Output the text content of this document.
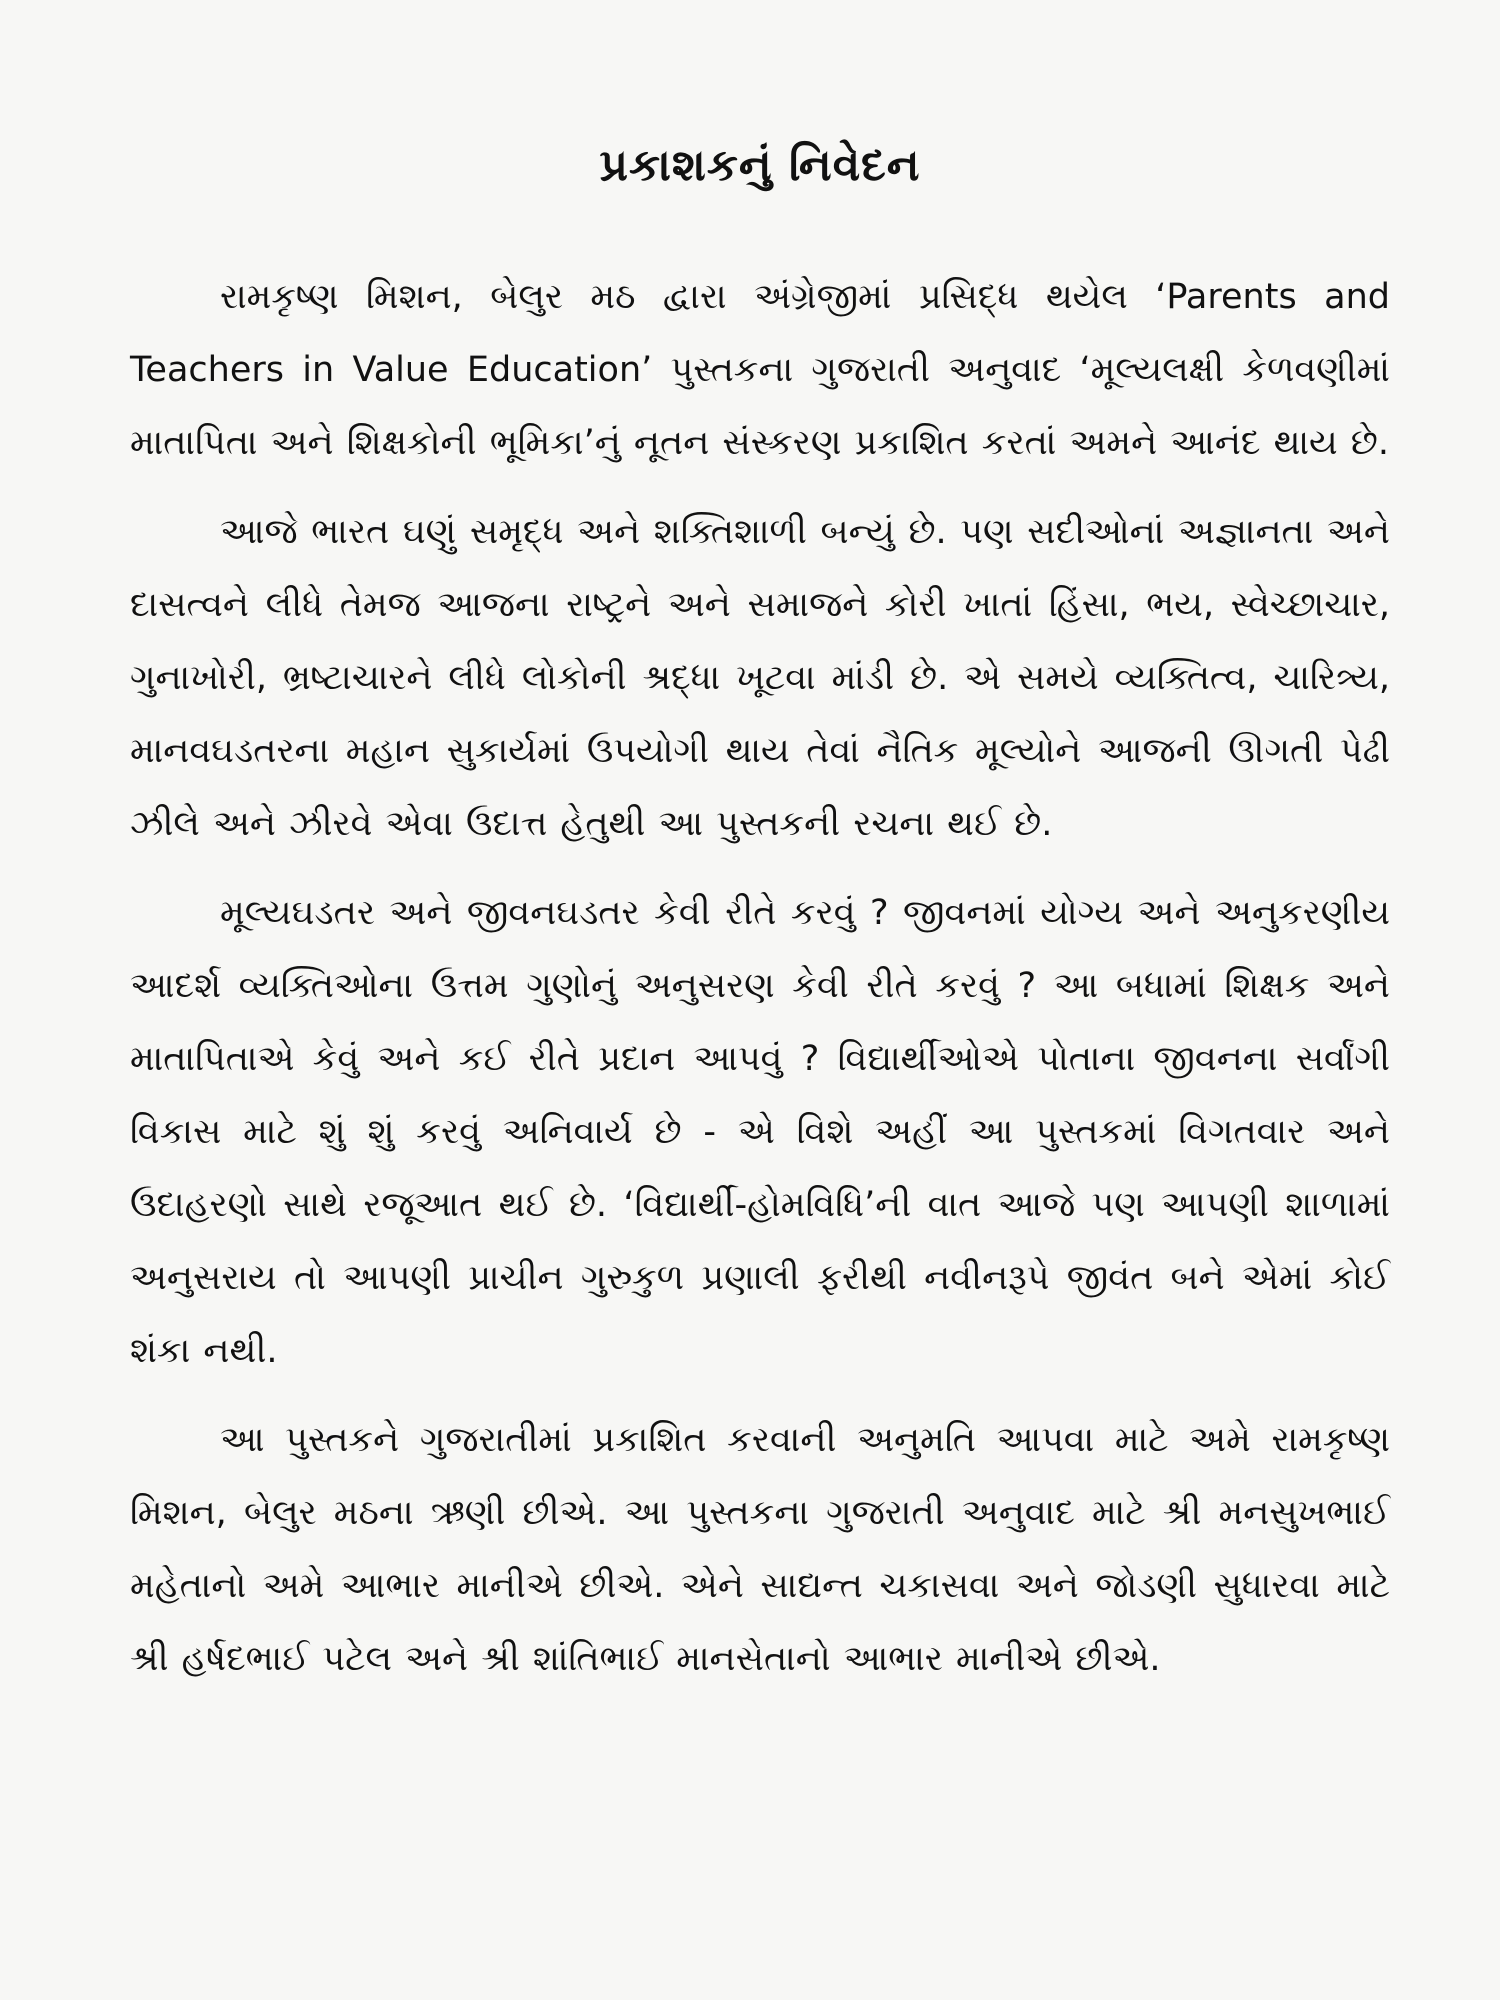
પ્રકાશકનું નિવેદન

રામકૃષ્ણ મિશન, બેલુર મઠ દ્વારા અંગ્રેજીમાં પ્રસિદ્ધ થયેલ ‘Parents and Teachers in Value Education’ પુસ્તકના ગુજરાતી અનુવાદ ‘મૂલ્યલક્ષી કેળવણીમાં માતાપિતા અને શિક્ષકોની ભૂમિકા’નું નૂતન સંસ્કરણ પ્રકાશિત કરતાં અમને આનંદ થાય છે.

આજે ભારત ઘણું સમૃદ્ધ અને શક્તિશાળી બન્યું છે. પણ સદીઓનાં અજ્ઞાનતા અને દાસત્વને લીધે તેમજ આજના રાષ્ટ્રને અને સમાજને કોરી ખાતાં હિંસા, ભય, સ્વેચ્છાચાર, ગુનાખોરી, ભ્રષ્ટાચારને લીધે લોકોની શ્રદ્ધા ખૂટવા માંડી છે. એ સમયે વ્યક્તિત્વ, ચારિત્ર્ય, માનવઘડતરના મહાન સુકાર્યમાં ઉપયોગી થાય તેવાં નૈતિક મૂલ્યોને આજની ઊગતી પેઢી ઝીલે અને ઝીરવે એવા ઉદાત્ત હેતુથી આ પુસ્તકની રચના થઈ છે.

મૂલ્યઘડતર અને જીવનઘડતર કેવી રીતે કરવું ? જીવનમાં યોગ્ય અને અનુકરણીય આદર્શ વ્યક્તિઓના ઉત્તમ ગુણોનું અનુસરણ કેવી રીતે કરવું ? આ બધામાં શિક્ષક અને માતાપિતાએ કેવું અને કઈ રીતે પ્રદાન આપવું ? વિદ્યાર્થીઓએ પોતાના જીવનના સર્વાંગી વિકાસ માટે શું શું કરવું અનિવાર્ય છે - એ વિશે અહીં આ પુસ્તકમાં વિગતવાર અને ઉદાહરણો સાથે રજૂઆત થઈ છે. ‘વિદ્યાર્થી-હોમવિધિ’ની વાત આજે પણ આપણી શાળામાં અનુસરાય તો આપણી પ્રાચીન ગુરુકુળ પ્રણાલી ફરીથી નવીનરૂપે જીવંત બને એમાં કોઈ શંકા નથી.

આ પુસ્તકને ગુજરાતીમાં પ્રકાશિત કરવાની અનુમતિ આપવા માટે અમે રામકૃષ્ણ મિશન, બેલુર મઠના ઋણી છીએ. આ પુસ્તકના ગુજરાતી અનુવાદ માટે શ્રી મનસુખભાઈ મહેતાનો અમે આભાર માનીએ છીએ. એને સાદ્યન્ત ચકાસવા અને જોડણી સુધારવા માટે શ્રી હર્ષદભાઈ પટેલ અને શ્રી શાંતિભાઈ માનસેતાનો આભાર માનીએ છીએ.
